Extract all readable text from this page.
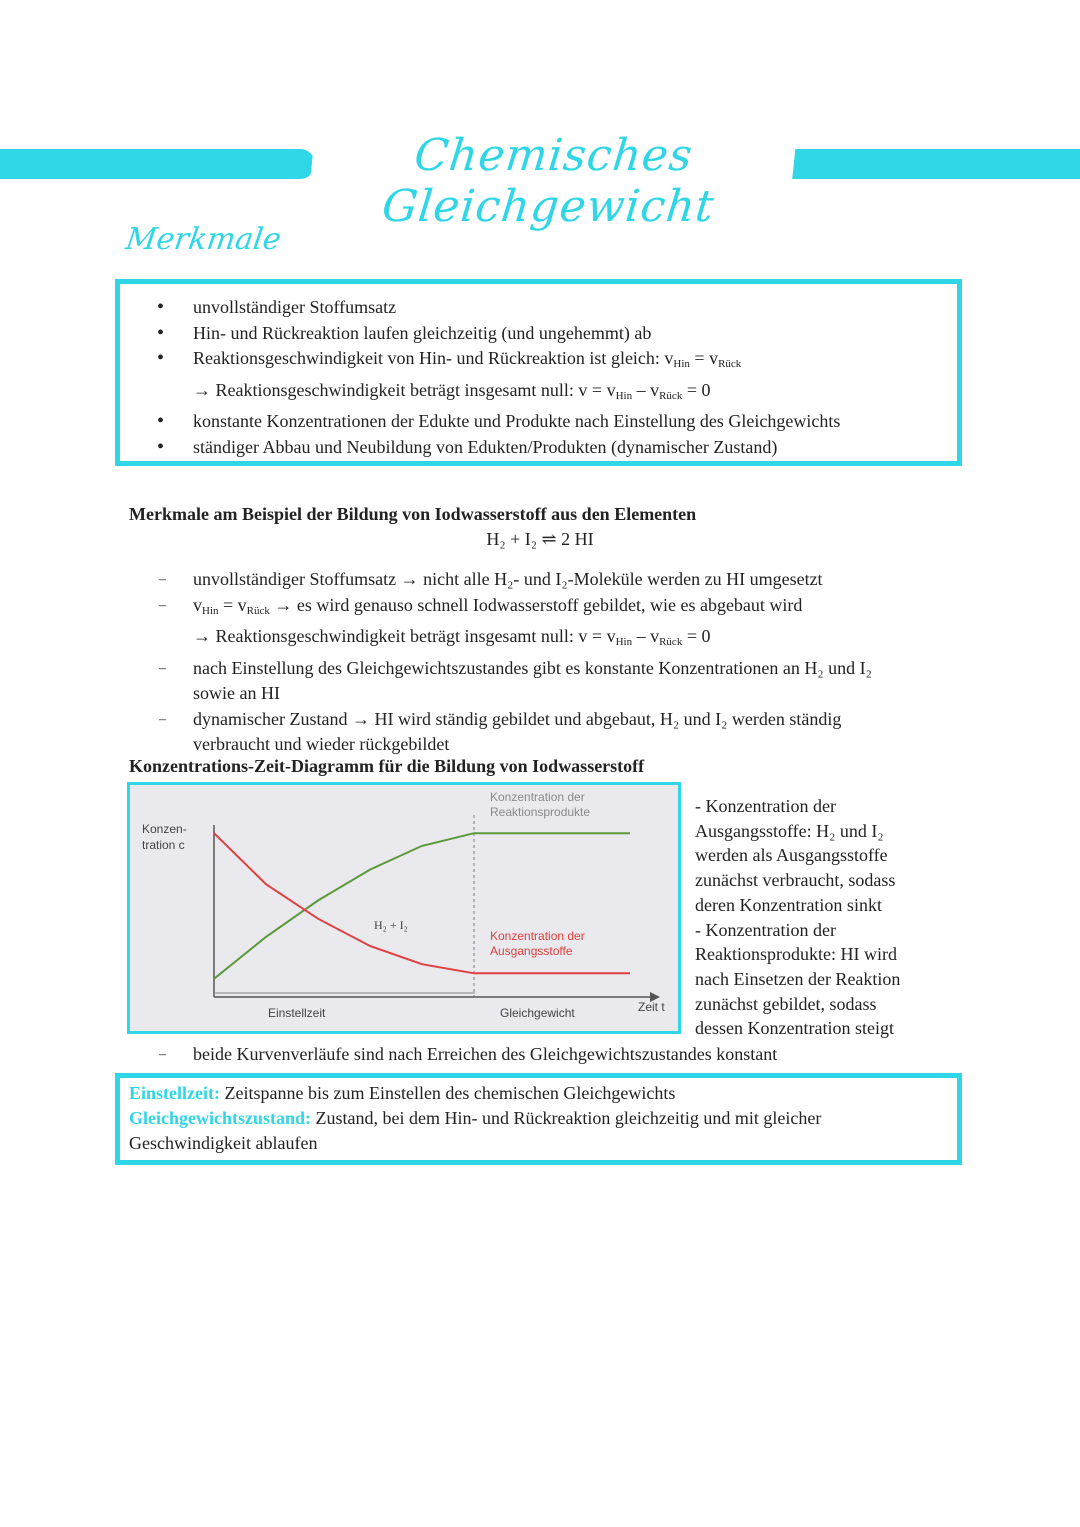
Chemisches Gleichgewicht
Merkmale
• unvollständiger Stoffumsatz
• Hin- und Rückreaktion laufen gleichzeitig (und ungehemmt) ab
• Reaktionsgeschwindigkeit von Hin- und Rückreaktion ist gleich: $v_{Hin} = v_{Rück}$
→ Reaktionsgeschwindigkeit beträgt insgesamt null: $v = v_{Hin} - v_{Rück} = 0$
• konstante Konzentrationen der Edukte und Produkte nach Einstellung des Gleichgewichts
• ständiger Abbau und Neubildung von Edukten/Produkten (dynamischer Zustand)
Merkmale am Beispiel der Bildung von Iodwasserstoff aus den Elementen
H₂ + I₂ ⇌ 2 HI
– unvollständiger Stoffumsatz → nicht alle H₂- und I₂-Moleküle werden zu HI umgesetzt
– $v_{Hin} = v_{Rück}$ → es wird genauso schnell Iodwasserstoff gebildet, wie es abgebaut wird
→ Reaktionsgeschwindigkeit beträgt insgesamt null: $v = v_{Hin} - v_{Rück} = 0$
– nach Einstellung des Gleichgewichtszustandes gibt es konstante Konzentrationen an H₂ und I₂
sowie an HI
– dynamischer Zustand → HI wird ständig gebildet und abgebaut, H₂ und I₂ werden ständig
verbraucht und wieder rückgebildet
Konzentrations-Zeit-Diagramm für die Bildung von Iodwasserstoff
Konzen-
tration c
Konzentration der
Reaktionsprodukte
Konzentration der
Ausgangsstoffe
H₂ + I₂
Einstellzeit	Gleichgewicht	Zeit t
- Konzentration der
Ausgangsstoffe: H₂ und I₂
werden als Ausgangsstoffe
zunächst verbraucht, sodass
deren Konzentration sinkt
- Konzentration der
Reaktionsprodukte: HI wird
nach Einsetzen der Reaktion
zunächst gebildet, sodass
dessen Konzentration steigt
– beide Kurvenverläufe sind nach Erreichen des Gleichgewichtszustandes konstant
Einstellzeit: Zeitspanne bis zum Einstellen des chemischen Gleichgewichts
Gleichgewichtszustand: Zustand, bei dem Hin- und Rückreaktion gleichzeitig und mit gleicher
Geschwindigkeit ablaufen
